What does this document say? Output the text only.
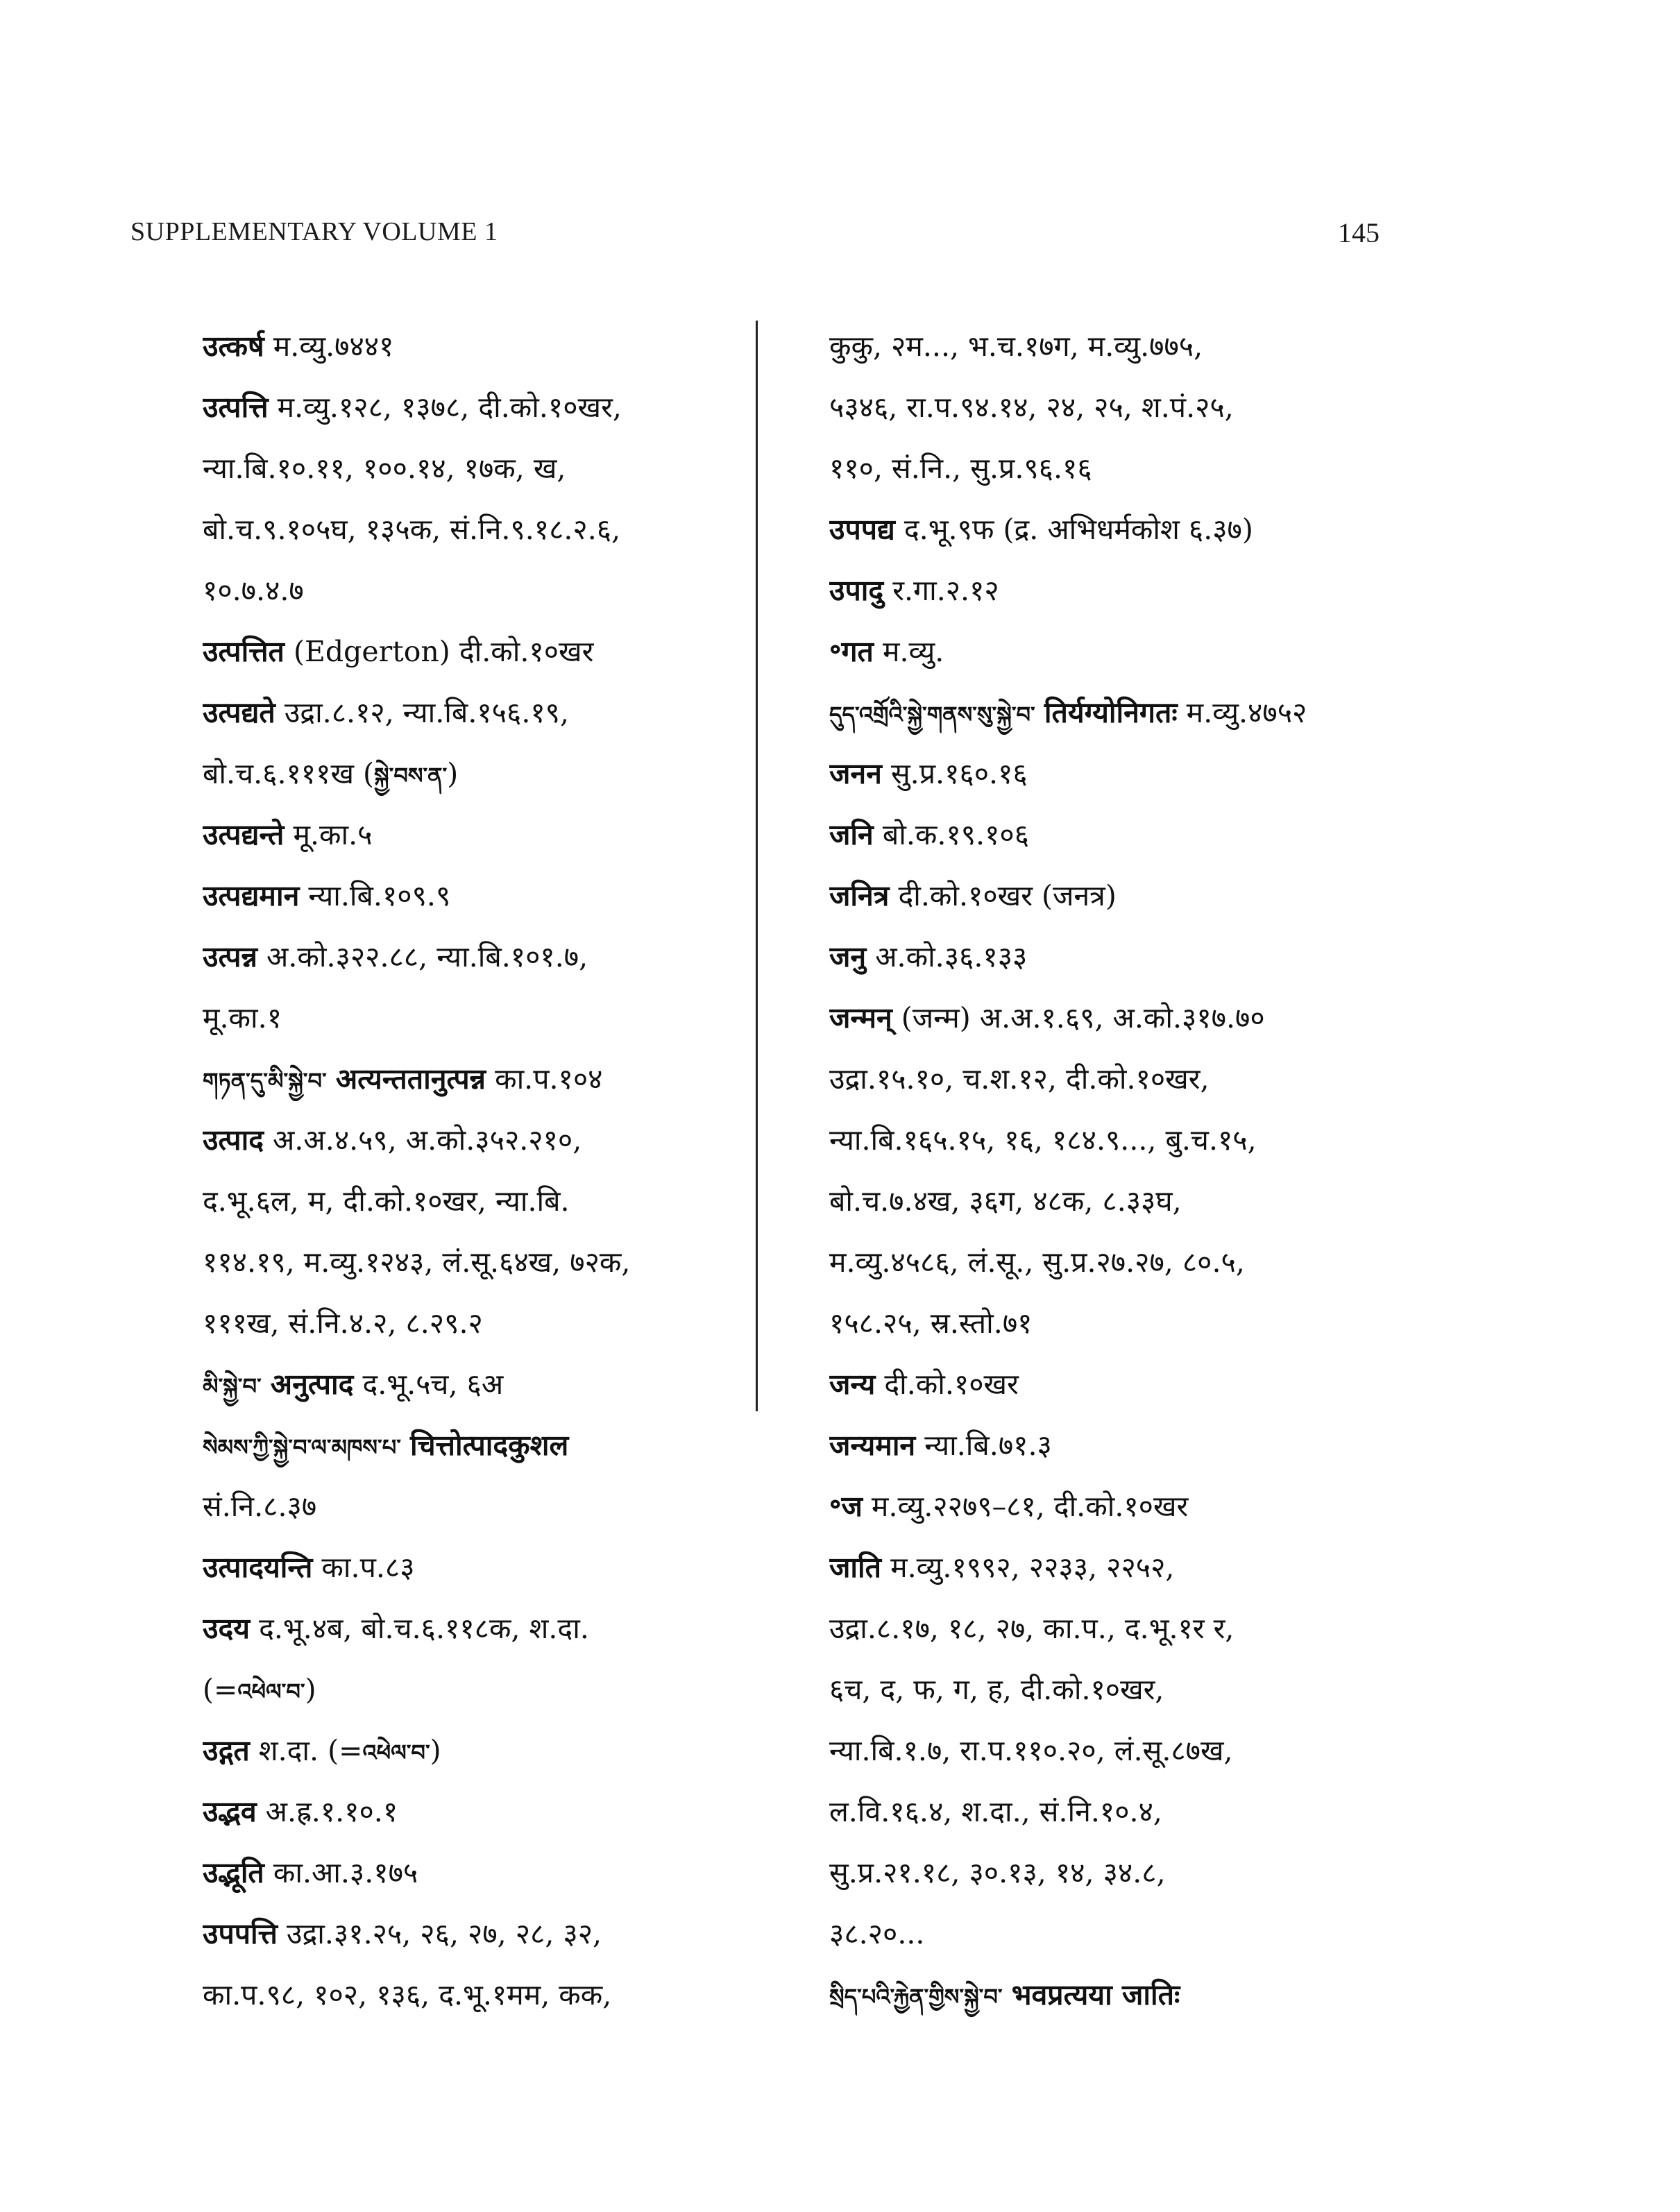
SUPPLEMENTARY VOLUME 1	145
उत्कर्ष म.व्यु.७४४१
उत्पत्ति म.व्यु.१२८, १३७८, दी.को.१०खर,
न्या.बि.१०.११, १००.१४, १७क, ख,
बो.च.९.१०५घ, १३५क, सं.नि.९.१८.२.६,
१०.७.४.७
उत्पत्तित (Edgerton) दी.को.१०खर
उत्पद्यते उद्रा.८.१२, न्या.बि.१५६.१९,
बो.च.६.१११ख (སྐྱེ་བས་ན་)
उत्पद्यन्ते मू.का.५
उत्पद्यमान न्या.बि.१०९.९
उत्पन्न अ.को.३२२.८८, न्या.बि.१०१.७,
मू.का.१
གཏན་དུ་མི་སྐྱེ་བ་ अत्यन्ततानुत्पन्न का.प.१०४
उत्पाद अ.अ.४.५९, अ.को.३५२.२१०,
द.भू.६ल, म, दी.को.१०खर, न्या.बि.
११४.१९, म.व्यु.१२४३, लं.सू.६४ख, ७२क,
१११ख, सं.नि.४.२, ८.२९.२
མི་སྐྱེ་བ་ अनुत्पाद द.भू.५च, ६अ
སེམས་ཀྱི་སྐྱེ་བ་ལ་མཁས་པ་ चित्तोत्पादकुशल
सं.नि.८.३७
उत्पादयन्ति का.प.८३
उदय द.भू.४ब, बो.च.६.११८क, श.दा.
(=འཕེལ་བ་)
उद्गत श.दा. (=འཕེལ་བ་)
उद्भव अ.ह्र.१.१०.१
उद्भूति का.आ.३.१७५
उपपत्ति उद्रा.३१.२५, २६, २७, २८, ३२,
का.प.९८, १०२, १३६, द.भू.१मम, कक,
कुकु, २म..., भ.च.१७ग, म.व्यु.७७५,
५३४६, रा.प.९४.१४, २४, २५, श.पं.२५,
११०, सं.नि., सु.प्र.९६.१६
उपपद्य द.भू.९फ (द्र. अभिधर्मकोश ६.३७)
उपादु र.गा.२.१२
॰गत म.व्यु.
དུད་འགྲོའི་སྐྱེ་གནས་སུ་སྐྱེ་བ་ तिर्यग्योनिगतः म.व्यु.४७५२
जनन सु.प्र.१६०.१६
जनि बो.क.१९.१०६
जनित्र दी.को.१०खर (जनत्र)
जनु अ.को.३६.१३३
जन्मन् (जन्म) अ.अ.१.६९, अ.को.३१७.७०
उद्रा.१५.१०, च.श.१२, दी.को.१०खर,
न्या.बि.१६५.१५, १६, १८४.९..., बु.च.१५,
बो.च.७.४ख, ३६ग, ४८क, ८.३३घ,
म.व्यु.४५८६, लं.सू., सु.प्र.२७.२७, ८०.५,
१५८.२५, स्र.स्तो.७१
जन्य दी.को.१०खर
जन्यमान न्या.बि.७१.३
॰ज म.व्यु.२२७९–८१, दी.को.१०खर
जाति म.व्यु.१९९२, २२३३, २२५२,
उद्रा.८.१७, १८, २७, का.प., द.भू.१र र,
६च, द, फ, ग, ह, दी.को.१०खर,
न्या.बि.१.७, रा.प.११०.२०, लं.सू.८७ख,
ल.वि.१६.४, श.दा., सं.नि.१०.४,
सु.प्र.२१.१८, ३०.१३, १४, ३४.८,
३८.२०...
སྲིད་པའི་རྐྱེན་གྱིས་སྐྱེ་བ་ भवप्रत्यया जातिः
